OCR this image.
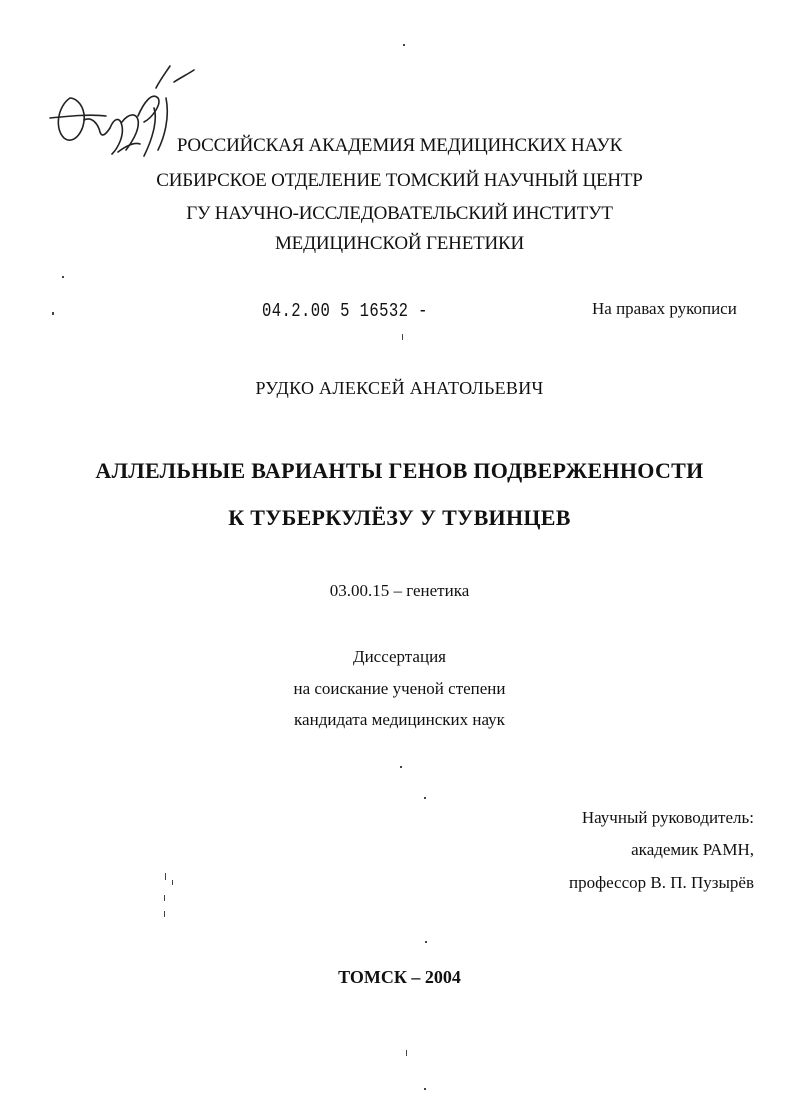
РОССИЙСКАЯ АКАДЕМИЯ МЕДИЦИНСКИХ НАУК
СИБИРСКОЕ ОТДЕЛЕНИЕ ТОМСКИЙ НАУЧНЫЙ ЦЕНТР
ГУ НАУЧНО-ИССЛЕДОВАТЕЛЬСКИЙ ИНСТИТУТ
МЕДИЦИНСКОЙ ГЕНЕТИКИ
04.2.00 5 16532 -	На правах рукописи
РУДКО АЛЕКСЕЙ АНАТОЛЬЕВИЧ
АЛЛЕЛЬНЫЕ ВАРИАНТЫ ГЕНОВ ПОДВЕРЖЕННОСТИ
К ТУБЕРКУЛЁЗУ У ТУВИНЦЕВ
03.00.15 – генетика
Диссертация
на соискание ученой степени
кандидата медицинских наук
Научный руководитель:
академик РАМН,
профессор В. П. Пузырёв
ТОМСК – 2004
